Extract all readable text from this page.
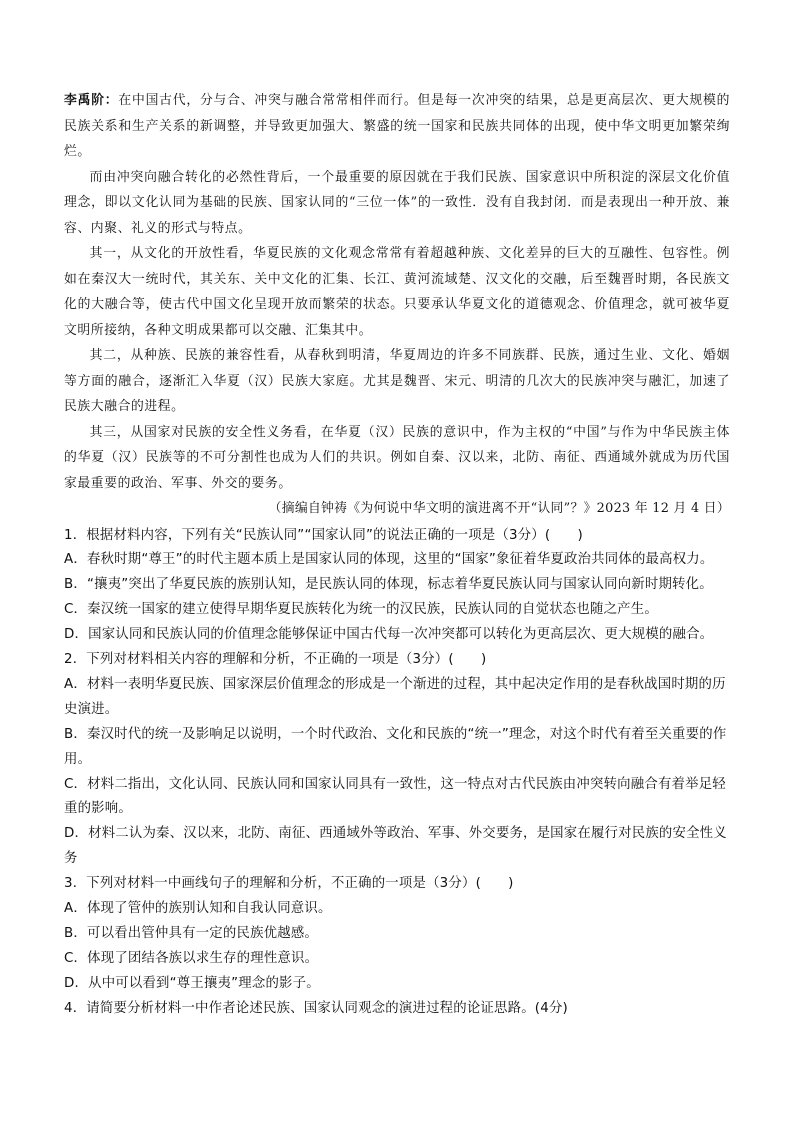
李禹阶：在中国古代，分与合、冲突与融合常常相伴而行。但是每一次冲突的结果，总是更高层次、更大规模的民族关系和生产关系的新调整，并导致更加强大、繁盛的统一国家和民族共同体的出现，使中华文明更加繁荣绚烂。

而由冲突向融合转化的必然性背后，一个最重要的原因就在于我们民族、国家意识中所积淀的深层文化价值理念，即以文化认同为基础的民族、国家认同的“三位一体”的一致性．没有自我封闭．而是表现出一种开放、兼容、内聚、礼义的形式与特点。

其一，从文化的开放性看，华夏民族的文化观念常常有着超越种族、文化差异的巨大的互融性、包容性。例如在秦汉大一统时代，其关东、关中文化的汇集、长江、黄河流域楚、汉文化的交融，后至魏晋时期，各民族文化的大融合等，使古代中国文化呈现开放而繁荣的状态。只要承认华夏文化的道德观念、价值理念，就可被华夏文明所接纳，各种文明成果都可以交融、汇集其中。

其二，从种族、民族的兼容性看，从春秋到明清，华夏周边的许多不同族群、民族，通过生业、文化、婚姻等方面的融合，逐渐汇入华夏（汉）民族大家庭。尤其是魏晋、宋元、明清的几次大的民族冲突与融汇，加速了民族大融合的进程。

其三，从国家对民族的安全性义务看，在华夏（汉）民族的意识中，作为主权的“中国”与作为中华民族主体的华夏（汉）民族等的不可分割性也成为人们的共识。例如自秦、汉以来，北防、南征、西通域外就成为历代国家最重要的政治、军事、外交的要务。

（摘编自钟祷《为何说中华文明的演进离不开“认同”？》2023 年 12 月 4 日）

1．根据材料内容，下列有关“民族认同”“国家认同”的说法正确的一项是（3分）(　　)

A．春秋时期“尊王”的时代主题本质上是国家认同的体现，这里的“国家”象征着华夏政治共同体的最高权力。

B．“攘夷”突出了华夏民族的族别认知，是民族认同的体现，标志着华夏民族认同与国家认同向新时期转化。

C．秦汉统一国家的建立使得早期华夏民族转化为统一的汉民族，民族认同的自觉状态也随之产生。

D．国家认同和民族认同的价值理念能够保证中国古代每一次冲突都可以转化为更高层次、更大规模的融合。

2．下列对材料相关内容的理解和分析，不正确的一项是（3分）(　　)

A．材料一表明华夏民族、国家深层价值理念的形成是一个渐进的过程，其中起决定作用的是春秋战国时期的历史演进。

B．秦汉时代的统一及影响足以说明，一个时代政治、文化和民族的“统一”理念，对这个时代有着至关重要的作用。

C．材料二指出，文化认同、民族认同和国家认同具有一致性，这一特点对古代民族由冲突转向融合有着举足轻重的影响。

D．材料二认为秦、汉以来，北防、南征、西通域外等政治、军事、外交要务，是国家在履行对民族的安全性义务

3．下列对材料一中画线句子的理解和分析，不正确的一项是（3分）(　　)

A．体现了管仲的族别认知和自我认同意识。

B．可以看出管仲具有一定的民族优越感。

C．体现了团结各族以求生存的理性意识。

D．从中可以看到“尊王攘夷”理念的影子。

4．请简要分析材料一中作者论述民族、国家认同观念的演进过程的论证思路。(4分)
